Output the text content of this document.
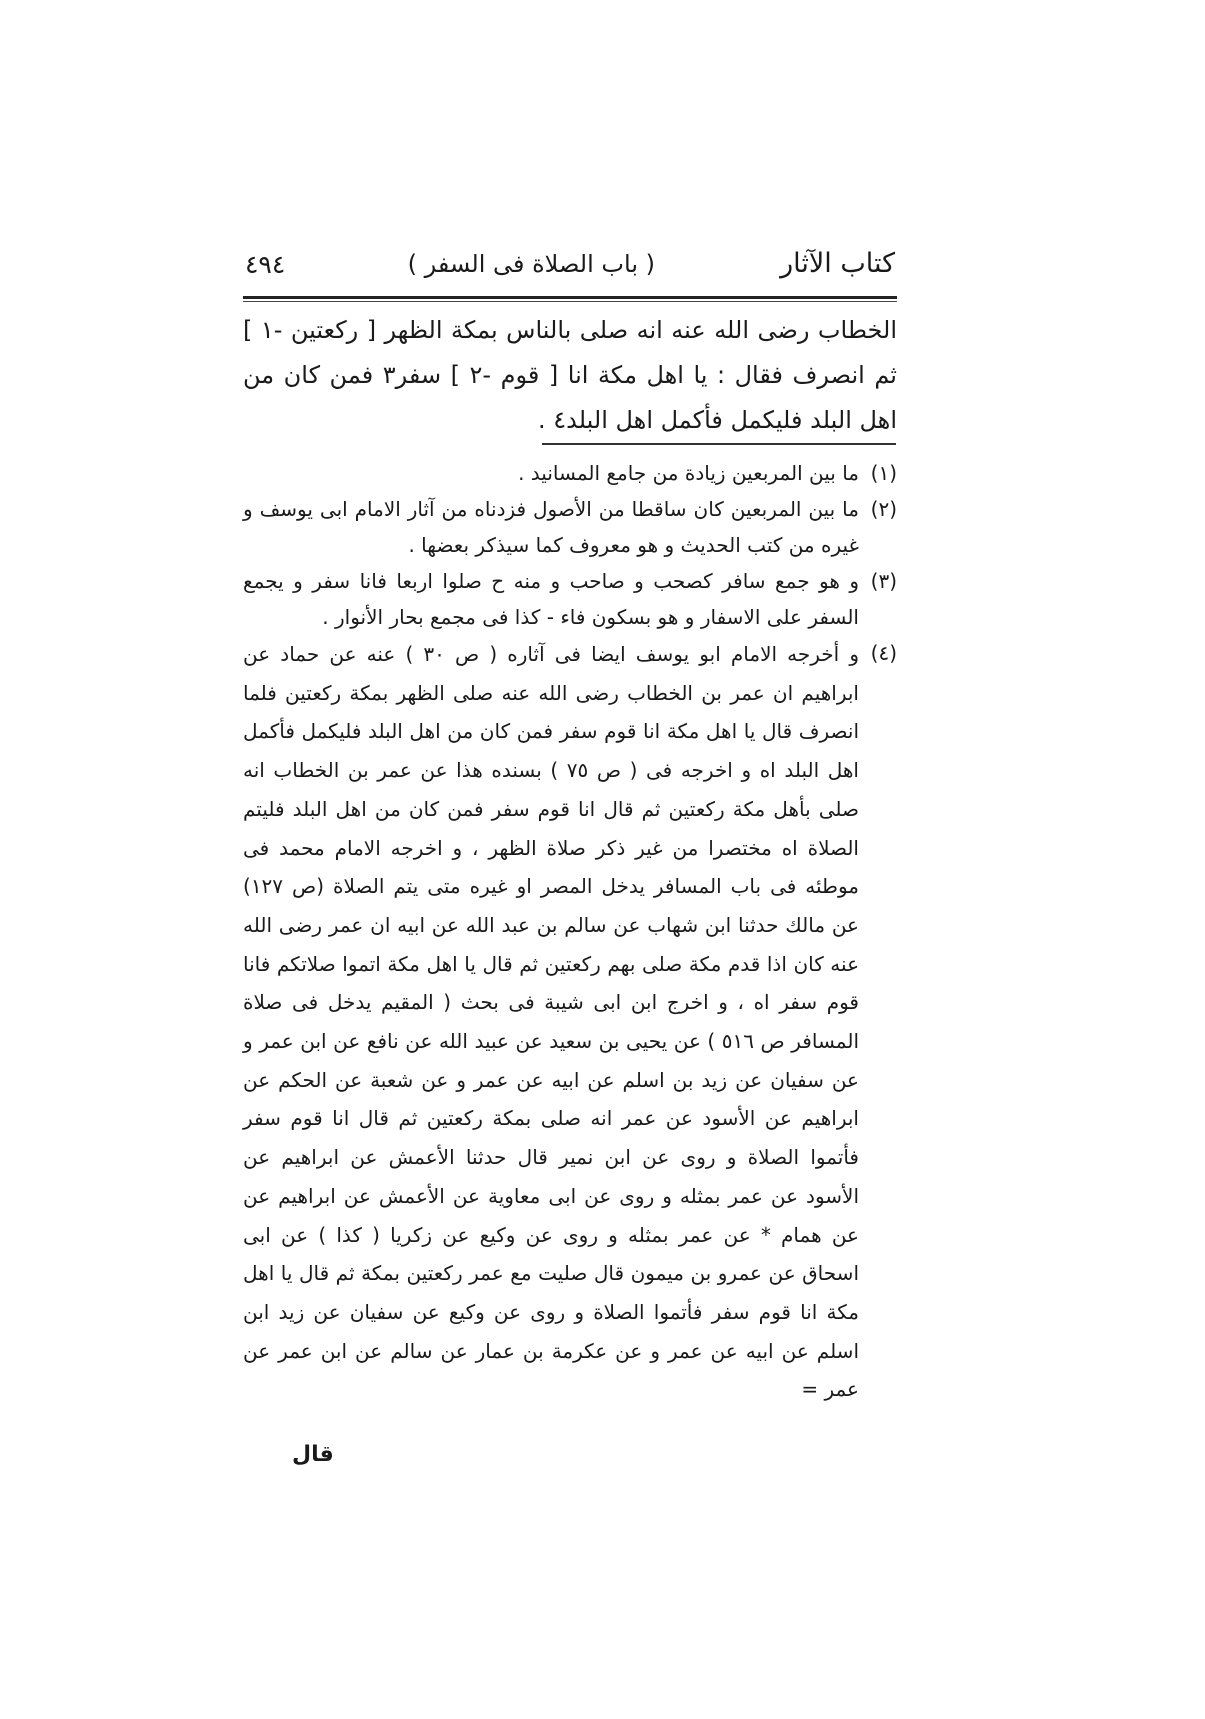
كتاب الآثار
( باب الصلاة فى السفر )
٤٩٤

الخطاب رضى الله عنه انه صلى بالناس بمكة الظهر [ ركعتين -١ ] ثم انصرف فقال : يا اهل مكة انا [ قوم -٢ ] سفر٣ فمن كان من اهل البلد فليكمل فأكمل اهل البلد٤ .

(١)
ما بين المربعين زيادة من جامع المسانيد .
(٢)
ما بين المربعين كان ساقطا من الأصول فزدناه من آثار الامام ابى يوسف و غيره من كتب الحديث و هو معروف كما سيذكر بعضها .
(٣)
و هو جمع سافر كصحب و صاحب و منه ح صلوا اربعا فانا سفر و يجمع السفر على الاسفار و هو بسكون فاء - كذا فى مجمع بحار الأنوار .
(٤)
و أخرجه الامام ابو يوسف ايضا فى آثاره ( ص ٣٠ ) عنه عن حماد عن ابراهيم ان عمر بن الخطاب رضى الله عنه صلى الظهر بمكة ركعتين فلما انصرف قال يا اهل مكة انا قوم سفر فمن كان من اهل البلد فليكمل فأكمل اهل البلد اه و اخرجه فى ( ص ٧٥ ) بسنده هذا عن عمر بن الخطاب انه صلى بأهل مكة ركعتين ثم قال انا قوم سفر فمن كان من اهل البلد فليتم الصلاة اه مختصرا من غير ذكر صلاة الظهر ، و اخرجه الامام محمد فى موطئه فى باب المسافر يدخل المصر او غيره متى يتم الصلاة (ص ١٢٧) عن مالك حدثنا ابن شهاب عن سالم بن عبد الله عن ابيه ان عمر رضى الله عنه كان اذا قدم مكة صلى بهم ركعتين ثم قال يا اهل مكة اتموا صلاتكم فانا قوم سفر اه ، و اخرج ابن ابى شيبة فى بحث ( المقيم يدخل فى صلاة المسافر ص ٥١٦ ) عن يحيى بن سعيد عن عبيد الله عن نافع عن ابن عمر و عن سفيان عن زيد بن اسلم عن ابيه عن عمر و عن شعبة عن الحكم عن ابراهيم عن الأسود عن عمر انه صلى بمكة ركعتين ثم قال انا قوم سفر فأتموا الصلاة و روى عن ابن نمير قال حدثنا الأعمش عن ابراهيم عن الأسود عن عمر بمثله و روى عن ابى معاوية عن الأعمش عن ابراهيم عن عن همام * عن عمر بمثله و روى عن وكيع عن زكريا ( كذا ) عن ابى اسحاق عن عمرو بن ميمون قال صليت مع عمر ركعتين بمكة ثم قال يا اهل مكة انا قوم سفر فأتموا الصلاة و روى عن وكيع عن سفيان عن زيد ابن اسلم عن ابيه عن عمر و عن عكرمة بن عمار عن سالم عن ابن عمر عن عمر =
قال
